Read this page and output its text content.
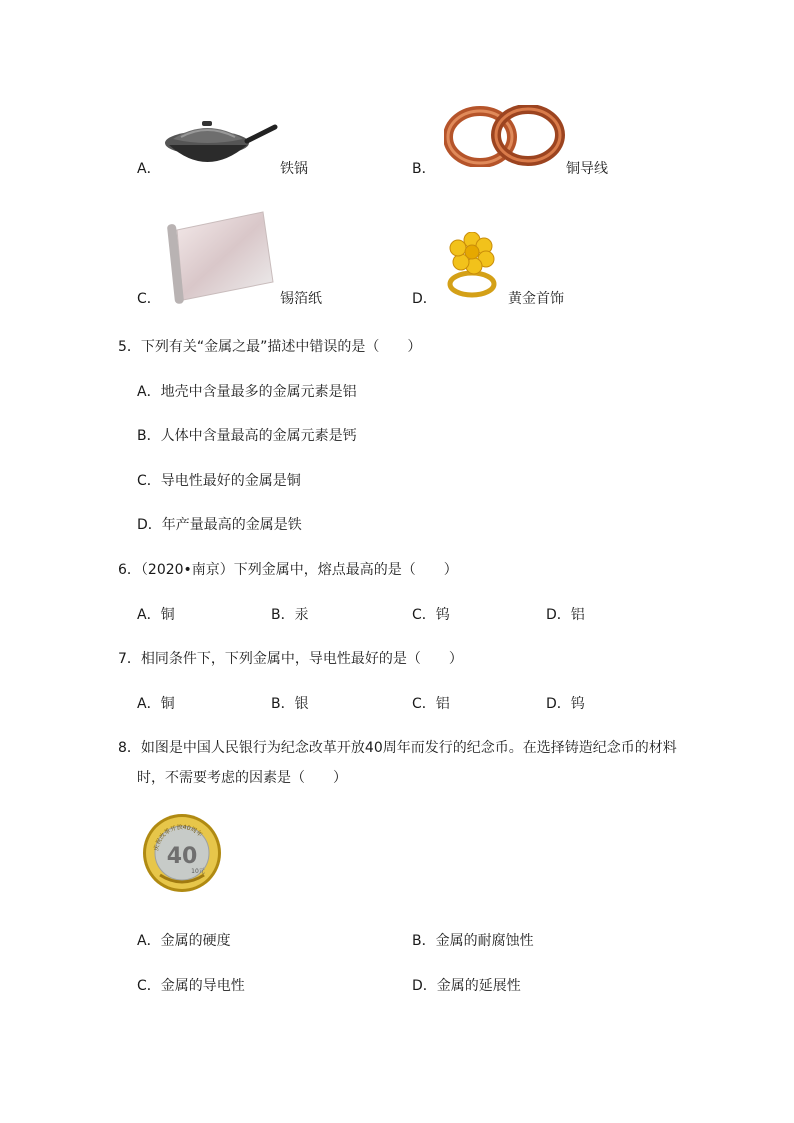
A．	铁锅	B．	铜导线
C．	锡箔纸	D．	黄金首饰
5．下列有关“金属之最”描述中错误的是（　　）
A．地壳中含量最多的金属元素是铝
B．人体中含量最高的金属元素是钙
C．导电性最好的金属是铜
D．年产量最高的金属是铁
6．（2020•南京）下列金属中，熔点最高的是（　　）
A．铜	B．汞	C．钨	D．铝
7．相同条件下，下列金属中，导电性最好的是（　　）
A．铜	B．银	C．铝	D．钨
8．如图是中国人民银行为纪念改革开放40周年而发行的纪念币。在选择铸造纪念币的材料
时，不需要考虑的因素是（　　）
庆祝改革开放40周年
40
10元
A．金属的硬度	B．金属的耐腐蚀性
C．金属的导电性	D．金属的延展性
